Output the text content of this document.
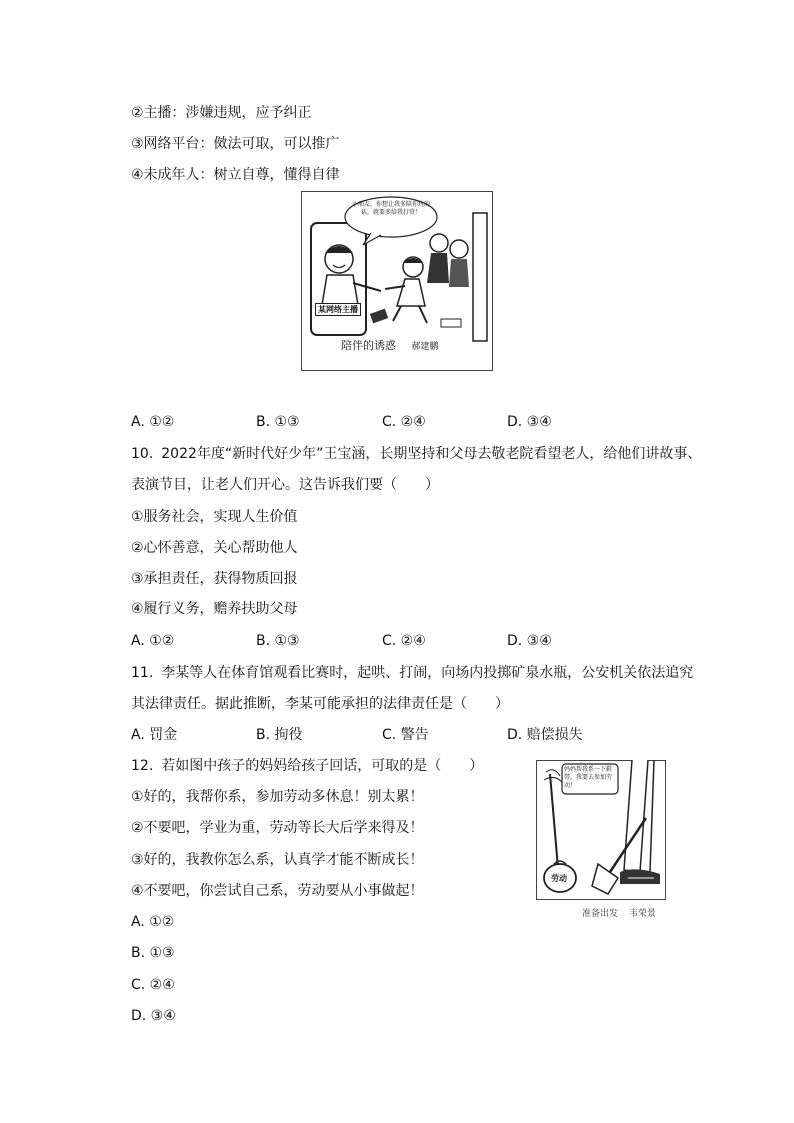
②主播：涉嫌违规，应予纠正
③网络平台：傚法可取，可以推广
④未成年人：树立自尊，懂得自律
小朋友，你想让我多陪你玩的话，就要多给我打赏！
某网络主播
陪伴的诱惑 郝建鹏
A. ①②	B. ①③	C. ②④	D. ③④
10. 2022年度“新时代好少年”王宝涵，长期坚持和父母去敬老院看望老人，给他们讲故事、
表演节目，让老人们开心。这告诉我们要（　　）
①服务社会，实现人生价值
②心怀善意，关心帮助他人
③承担责任，获得物质回报
④履行义务，赡养扶助父母
A. ①②	B. ①③	C. ②④	D. ③④
11. 李某等人在体育馆观看比赛时，起哄、打闹，向场内投掷矿泉水瓶，公安机关依法追究
其法律责任。据此推断，李某可能承担的法律责任是（　　）
A. 罚金	B. 拘役	C. 警告	D. 赔偿损失
12. 若如图中孩子的妈妈给孩子回话，可取的是（　　）
①好的，我帮你系，参加劳动多休息！别太累！
②不要吧，学业为重，劳动等长大后学来得及！
③好的，我教你怎么系，认真学才能不断成长！
④不要吧，你尝试自己系，劳动要从小事做起！
A. ①②
B. ①③
C. ②④
D. ③④
妈妈帮我系一下鞋带，我要去参加劳动！
劳动
准备出发 韦荣景
